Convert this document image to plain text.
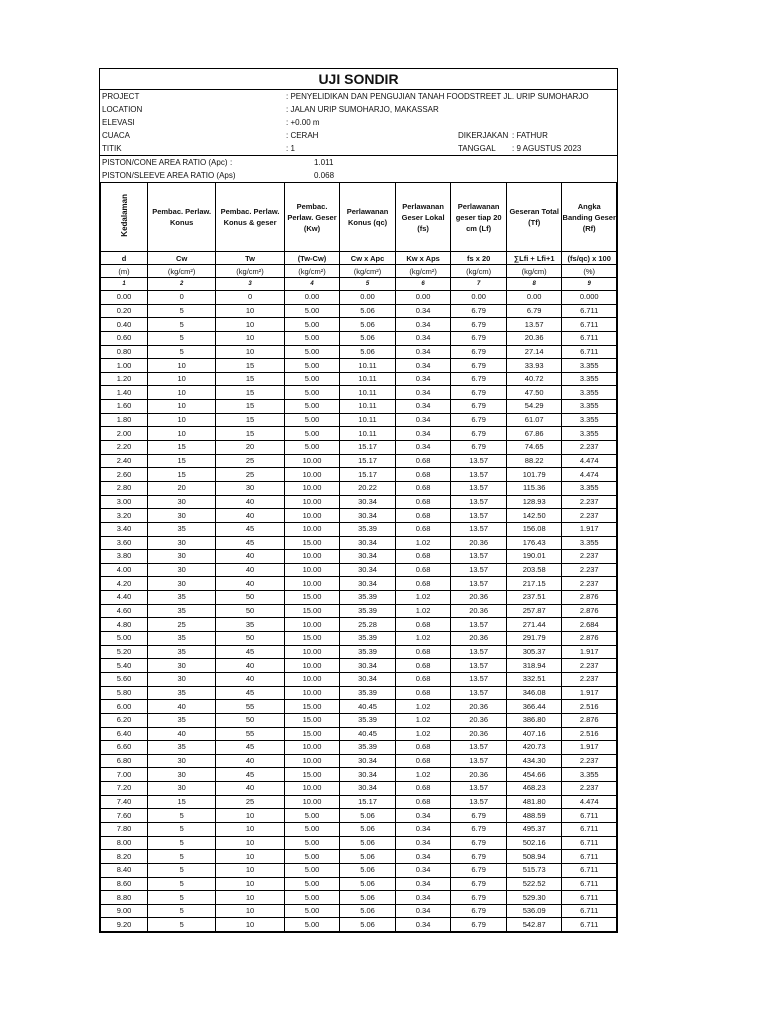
UJI SONDIR
PROJECT	: PENYELIDIKAN DAN PENGUJIAN TANAH FOODSTREET JL. URIP SUMOHARJO
LOCATION	: JALAN URIP SUMOHARJO, MAKASSAR
ELEVASI	: +0.00 m
CUACA	: CERAH	DIKERJAKAN : FATHUR
TITIK	: 1	TANGGAL : 9 AGUSTUS 2023
PISTON/CONE AREA RATIO (Apc) :	1.011
PISTON/SLEEVE AREA RATIO (Aps)	0.068
Kedalaman	Pembac. Perlaw. Konus	Pembac. Perlaw. Konus & geser	Pembac. Perlaw. Geser (Kw)	Perlawanan Konus (qc)	Perlawanan Geser Lokal (fs)	Perlawanan geser tiap 20 cm (Lf)	Geseran Total (Tf)	Angka Banding Geser (Rf)
d	Cw	Tw	(Tw-Cw)	Cw x Apc	Kw x Aps	fs x 20	∑Lfi + Lfi+1	(fs/qc) x 100
(m)	(kg/cm²)	(kg/cm²)	(kg/cm²)	(kg/cm²)	(kg/cm²)	(kg/cm)	(kg/cm)	(%)
1	2	3	4	5	6	7	8	9
0.00	0	0	0.00	0.00	0.00	0.00	0.00	0.000
0.20	5	10	5.00	5.06	0.34	6.79	6.79	6.711
0.40	5	10	5.00	5.06	0.34	6.79	13.57	6.711
0.60	5	10	5.00	5.06	0.34	6.79	20.36	6.711
0.80	5	10	5.00	5.06	0.34	6.79	27.14	6.711
1.00	10	15	5.00	10.11	0.34	6.79	33.93	3.355
1.20	10	15	5.00	10.11	0.34	6.79	40.72	3.355
1.40	10	15	5.00	10.11	0.34	6.79	47.50	3.355
1.60	10	15	5.00	10.11	0.34	6.79	54.29	3.355
1.80	10	15	5.00	10.11	0.34	6.79	61.07	3.355
2.00	10	15	5.00	10.11	0.34	6.79	67.86	3.355
2.20	15	20	5.00	15.17	0.34	6.79	74.65	2.237
2.40	15	25	10.00	15.17	0.68	13.57	88.22	4.474
2.60	15	25	10.00	15.17	0.68	13.57	101.79	4.474
2.80	20	30	10.00	20.22	0.68	13.57	115.36	3.355
3.00	30	40	10.00	30.34	0.68	13.57	128.93	2.237
3.20	30	40	10.00	30.34	0.68	13.57	142.50	2.237
3.40	35	45	10.00	35.39	0.68	13.57	156.08	1.917
3.60	30	45	15.00	30.34	1.02	20.36	176.43	3.355
3.80	30	40	10.00	30.34	0.68	13.57	190.01	2.237
4.00	30	40	10.00	30.34	0.68	13.57	203.58	2.237
4.20	30	40	10.00	30.34	0.68	13.57	217.15	2.237
4.40	35	50	15.00	35.39	1.02	20.36	237.51	2.876
4.60	35	50	15.00	35.39	1.02	20.36	257.87	2.876
4.80	25	35	10.00	25.28	0.68	13.57	271.44	2.684
5.00	35	50	15.00	35.39	1.02	20.36	291.79	2.876
5.20	35	45	10.00	35.39	0.68	13.57	305.37	1.917
5.40	30	40	10.00	30.34	0.68	13.57	318.94	2.237
5.60	30	40	10.00	30.34	0.68	13.57	332.51	2.237
5.80	35	45	10.00	35.39	0.68	13.57	346.08	1.917
6.00	40	55	15.00	40.45	1.02	20.36	366.44	2.516
6.20	35	50	15.00	35.39	1.02	20.36	386.80	2.876
6.40	40	55	15.00	40.45	1.02	20.36	407.16	2.516
6.60	35	45	10.00	35.39	0.68	13.57	420.73	1.917
6.80	30	40	10.00	30.34	0.68	13.57	434.30	2.237
7.00	30	45	15.00	30.34	1.02	20.36	454.66	3.355
7.20	30	40	10.00	30.34	0.68	13.57	468.23	2.237
7.40	15	25	10.00	15.17	0.68	13.57	481.80	4.474
7.60	5	10	5.00	5.06	0.34	6.79	488.59	6.711
7.80	5	10	5.00	5.06	0.34	6.79	495.37	6.711
8.00	5	10	5.00	5.06	0.34	6.79	502.16	6.711
8.20	5	10	5.00	5.06	0.34	6.79	508.94	6.711
8.40	5	10	5.00	5.06	0.34	6.79	515.73	6.711
8.60	5	10	5.00	5.06	0.34	6.79	522.52	6.711
8.80	5	10	5.00	5.06	0.34	6.79	529.30	6.711
9.00	5	10	5.00	5.06	0.34	6.79	536.09	6.711
9.20	5	10	5.00	5.06	0.34	6.79	542.87	6.711
